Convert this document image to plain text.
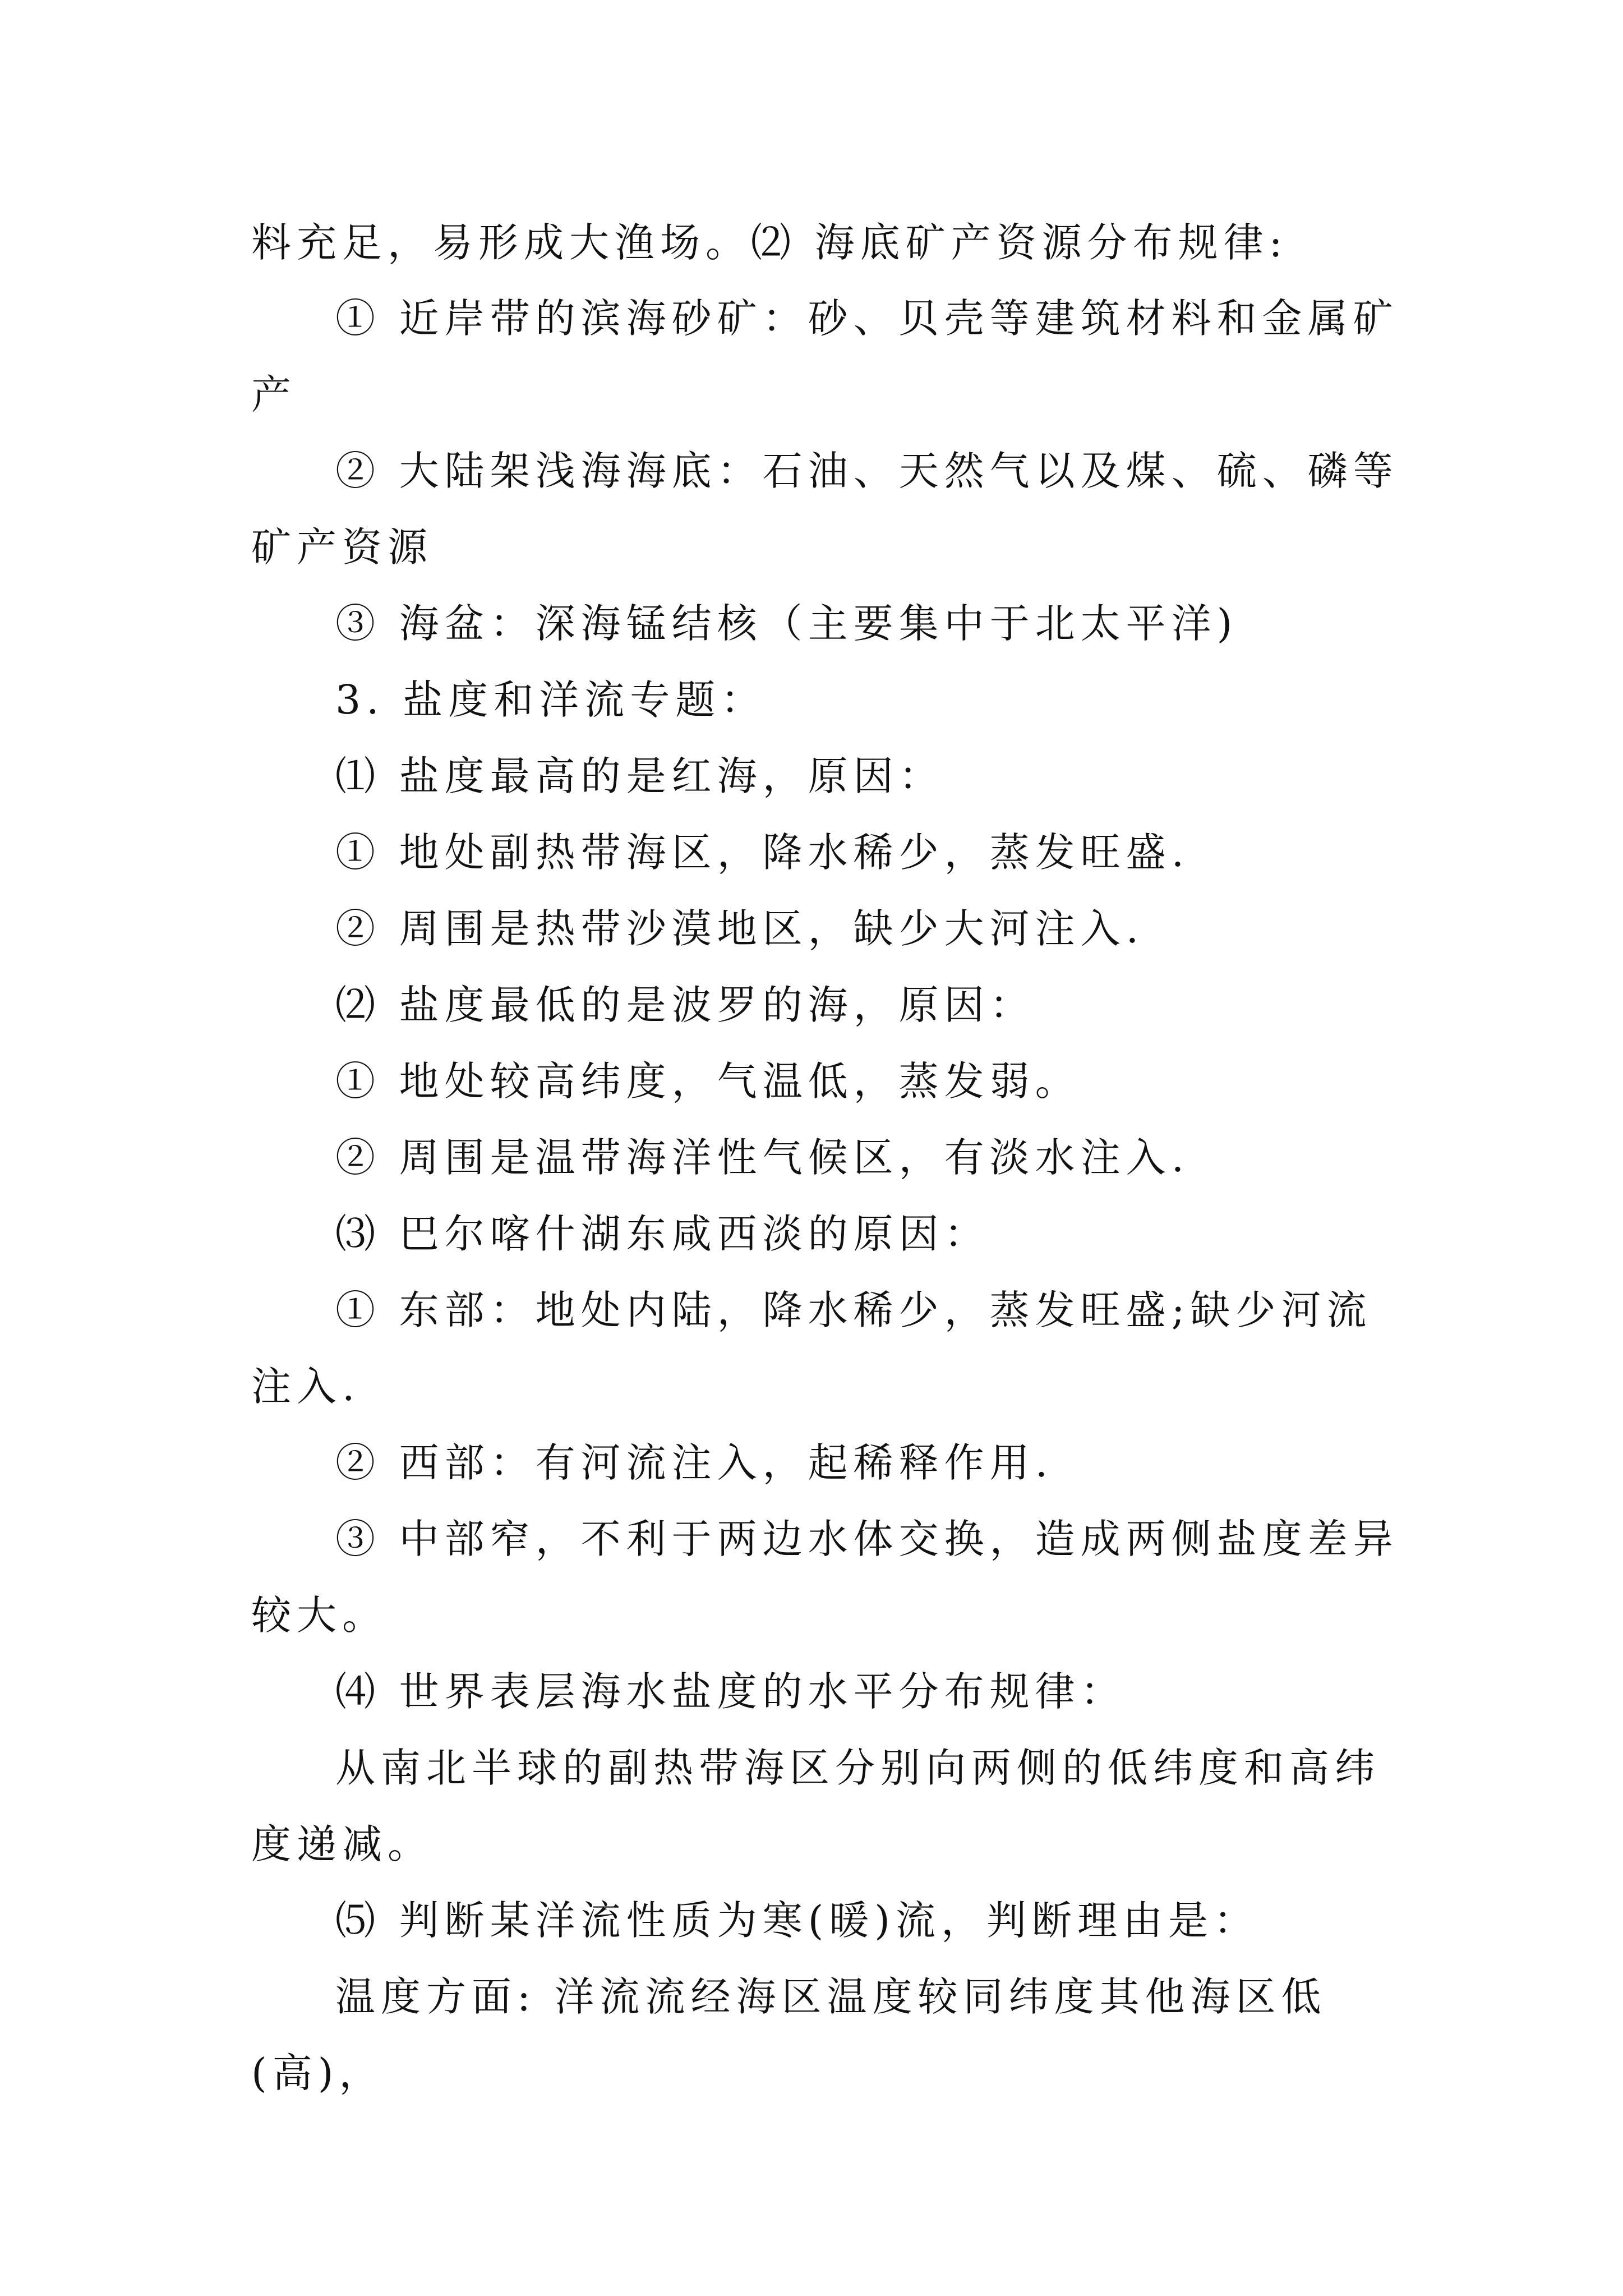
料充足，易形成大渔场。⑵ 海底矿产资源分布规律:

① 近岸带的滨海砂矿：砂、贝壳等建筑材料和金属矿产

② 大陆架浅海海底：石油、天然气以及煤、硫、磷等矿产资源

③ 海盆：深海锰结核（主要集中于北太平洋)

3. 盐度和洋流专题：

⑴ 盐度最高的是红海，原因：

① 地处副热带海区，降水稀少，蒸发旺盛.

② 周围是热带沙漠地区，缺少大河注入.

⑵ 盐度最低的是波罗的海，原因：

① 地处较高纬度，气温低，蒸发弱。

② 周围是温带海洋性气候区，有淡水注入.

⑶ 巴尔喀什湖东咸西淡的原因：

① 东部：地处内陆，降水稀少，蒸发旺盛;缺少河流注入.

② 西部：有河流注入，起稀释作用.

③ 中部窄，不利于两边水体交换，造成两侧盐度差异较大。

⑷ 世界表层海水盐度的水平分布规律：

从南北半球的副热带海区分别向两侧的低纬度和高纬度递减。

⑸ 判断某洋流性质为寒(暖)流，判断理由是：

温度方面: 洋流流经海区温度较同纬度其他海区低(高)，
